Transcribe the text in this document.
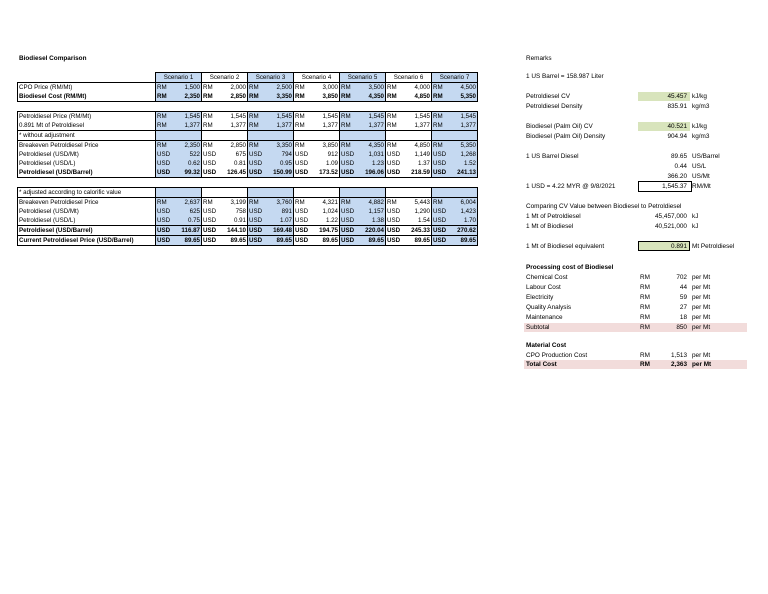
Biodiesel Comparison
	Scenario 1		Scenario 2		Scenario 3		Scenario 4		Scenario 5		Scenario 6		Scenario 7	
CPO Price (RM/Mt)	RM	1,500	RM	2,000	RM	2,500	RM	3,000	RM	3,500	RM	4,000	RM	4,500
Biodiesel Cost (RM/Mt)	RM	2,350	RM	2,850	RM	3,350	RM	3,850	RM	4,350	RM	4,850	RM	5,350

Petroldiesel Price (RM/Mt)	RM	1,545	RM	1,545	RM	1,545	RM	1,545	RM	1,545	RM	1,545	RM	1,545
0.891 Mt of Petroldiesel	RM	1,377	RM	1,377	RM	1,377	RM	1,377	RM	1,377	RM	1,377	RM	1,377
* without adjustment														
Breakeven Petroldiesel Price	RM	2,350	RM	2,850	RM	3,350	RM	3,850	RM	4,350	RM	4,850	RM	5,350
Petroldiesel (USD/Mt)	USD	522	USD	675	USD	794	USD	912	USD	1,031	USD	1,149	USD	1,268
Petroldiesel (USD/L)	USD	0.62	USD	0.81	USD	0.95	USD	1.09	USD	1.23	USD	1.37	USD	1.52
Petroldiesel (USD/Barrel)	USD	99.32	USD	126.45	USD	150.99	USD	173.52	USD	196.06	USD	218.59	USD	241.13

* adjusted according to calorific value														
Breakeven Petroldiesel Price	RM	2,637	RM	3,199	RM	3,760	RM	4,321	RM	4,882	RM	5,443	RM	6,004
Petroldiesel (USD/Mt)	USD	625	USD	758	USD	891	USD	1,024	USD	1,157	USD	1,290	USD	1,423
Petroldiesel (USD/L)	USD	0.75	USD	0.91	USD	1.07	USD	1.22	USD	1.38	USD	1.54	USD	1.70
Petroldiesel (USD/Barrel)	USD	116.87	USD	144.10	USD	169.48	USD	194.75	USD	220.04	USD	245.33	USD	270.62
Current Petroldiesel Price (USD/Barrel)	USD	89.65	USD	89.65	USD	89.65	USD	89.65	USD	89.65	USD	89.65	USD	89.65
Remarks
1 US Barrel = 158.987 Liter
Petroldiesel CV	45.457 kJ/kg
Petroldiesel Density	835.91 kg/m3
Biodiesel (Palm Oil) CV	40.521 kJ/kg
Biodiesel (Palm Oil) Density	904.94 kg/m3
1 US Barrel Diesel	89.65 US/Barrel
0.44 US/L
366.20 US/Mt
1 USD = 4.22 MYR @ 9/8/2021	1,545.37 RM/Mt
Comparing CV Value between Biodiesel to Petroldiesel
1 Mt of Petroldiesel	45,457,000 kJ
1 Mt of Biodiesel	40,521,000 kJ
1 Mt of Biodiesel equivalent	0.891 Mt Petroldiesel
Processing cost of Biodiesel
Chemical Cost	RM	702 per Mt
Labour Cost	RM	44 per Mt
Electricity	RM	59 per Mt
Quality Analysis	RM	27 per Mt
Maintenance	RM	18 per Mt
Subtotal	RM	850 per Mt
Material Cost
CPO Production Cost	RM	1,513 per Mt
Total Cost	RM	2,363 per Mt
